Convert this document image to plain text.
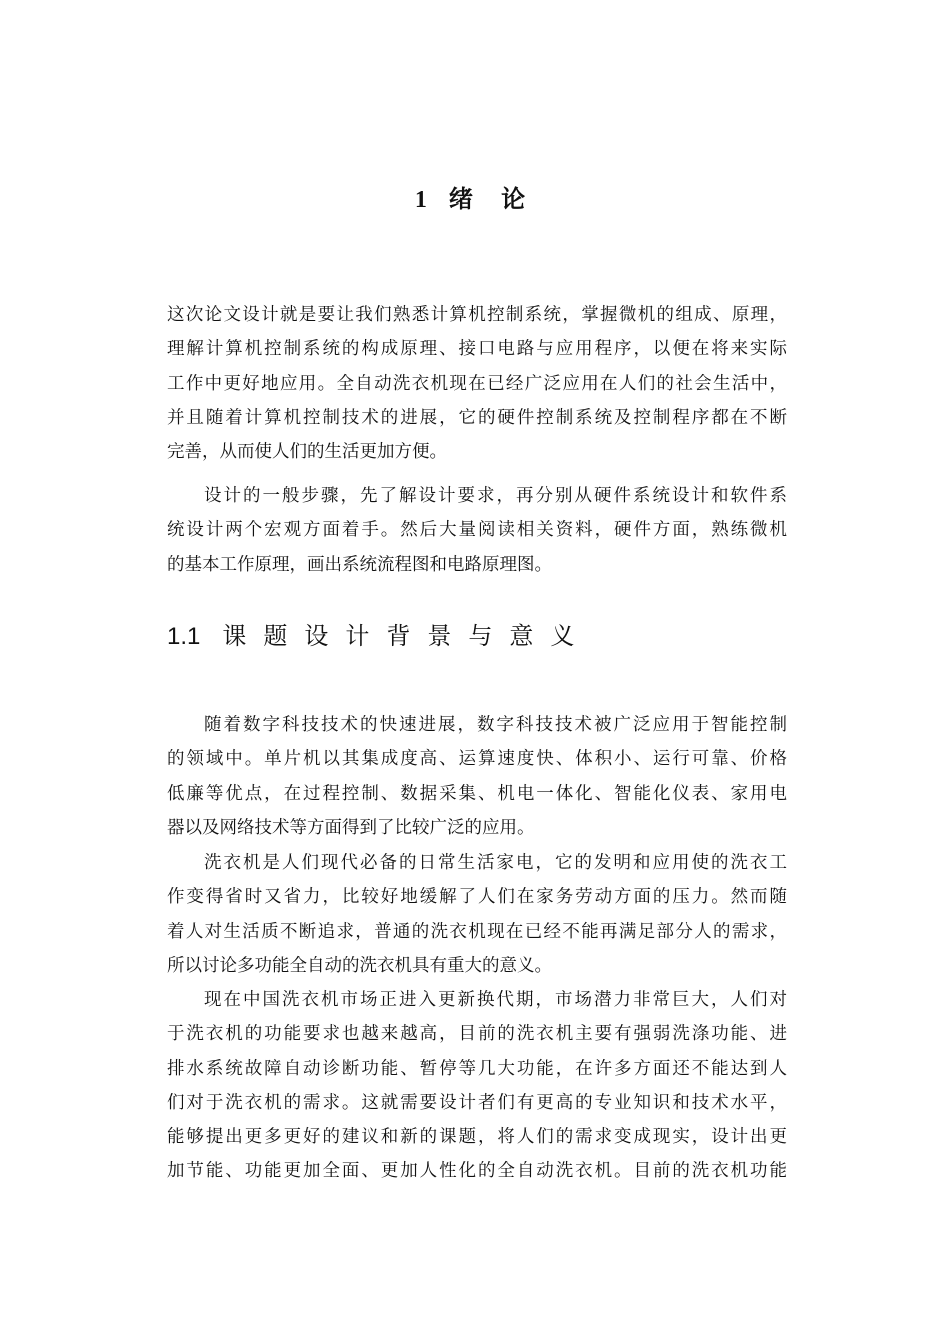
1 绪 论

这次论文设计就是要让我们熟悉计算机控制系统，掌握微机的组成、原理，
理解计算机控制系统的构成原理、接口电路与应用程序，以便在将来实际
工作中更好地应用。全自动洗衣机现在已经广泛应用在人们的社会生活中，
并且随着计算机控制技术的进展，它的硬件控制系统及控制程序都在不断
完善，从而使人们的生活更加方便。

设计的一般步骤，先了解设计要求，再分别从硬件系统设计和软件系
统设计两个宏观方面着手。然后大量阅读相关资料，硬件方面，熟练微机
的基本工作原理，画出系统流程图和电路原理图。

1.1 课题设计背景与意义

随着数字科技技术的快速进展，数字科技技术被广泛应用于智能控制
的领域中。单片机以其集成度高、运算速度快、体积小、运行可靠、价格
低廉等优点，在过程控制、数据采集、机电一体化、智能化仪表、家用电
器以及网络技术等方面得到了比较广泛的应用。

洗衣机是人们现代必备的日常生活家电，它的发明和应用使的洗衣工
作变得省时又省力，比较好地缓解了人们在家务劳动方面的压力。然而随
着人对生活质不断追求，普通的洗衣机现在已经不能再满足部分人的需求，
所以讨论多功能全自动的洗衣机具有重大的意义。

现在中国洗衣机市场正进入更新换代期，市场潜力非常巨大，人们对
于洗衣机的功能要求也越来越高，目前的洗衣机主要有强弱洗涤功能、进
排水系统故障自动诊断功能、暂停等几大功能，在许多方面还不能达到人
们对于洗衣机的需求。这就需要设计者们有更高的专业知识和技术水平，
能够提出更多更好的建议和新的课题，将人们的需求变成现实，设计出更
加节能、功能更加全面、更加人性化的全自动洗衣机。目前的洗衣机功能
